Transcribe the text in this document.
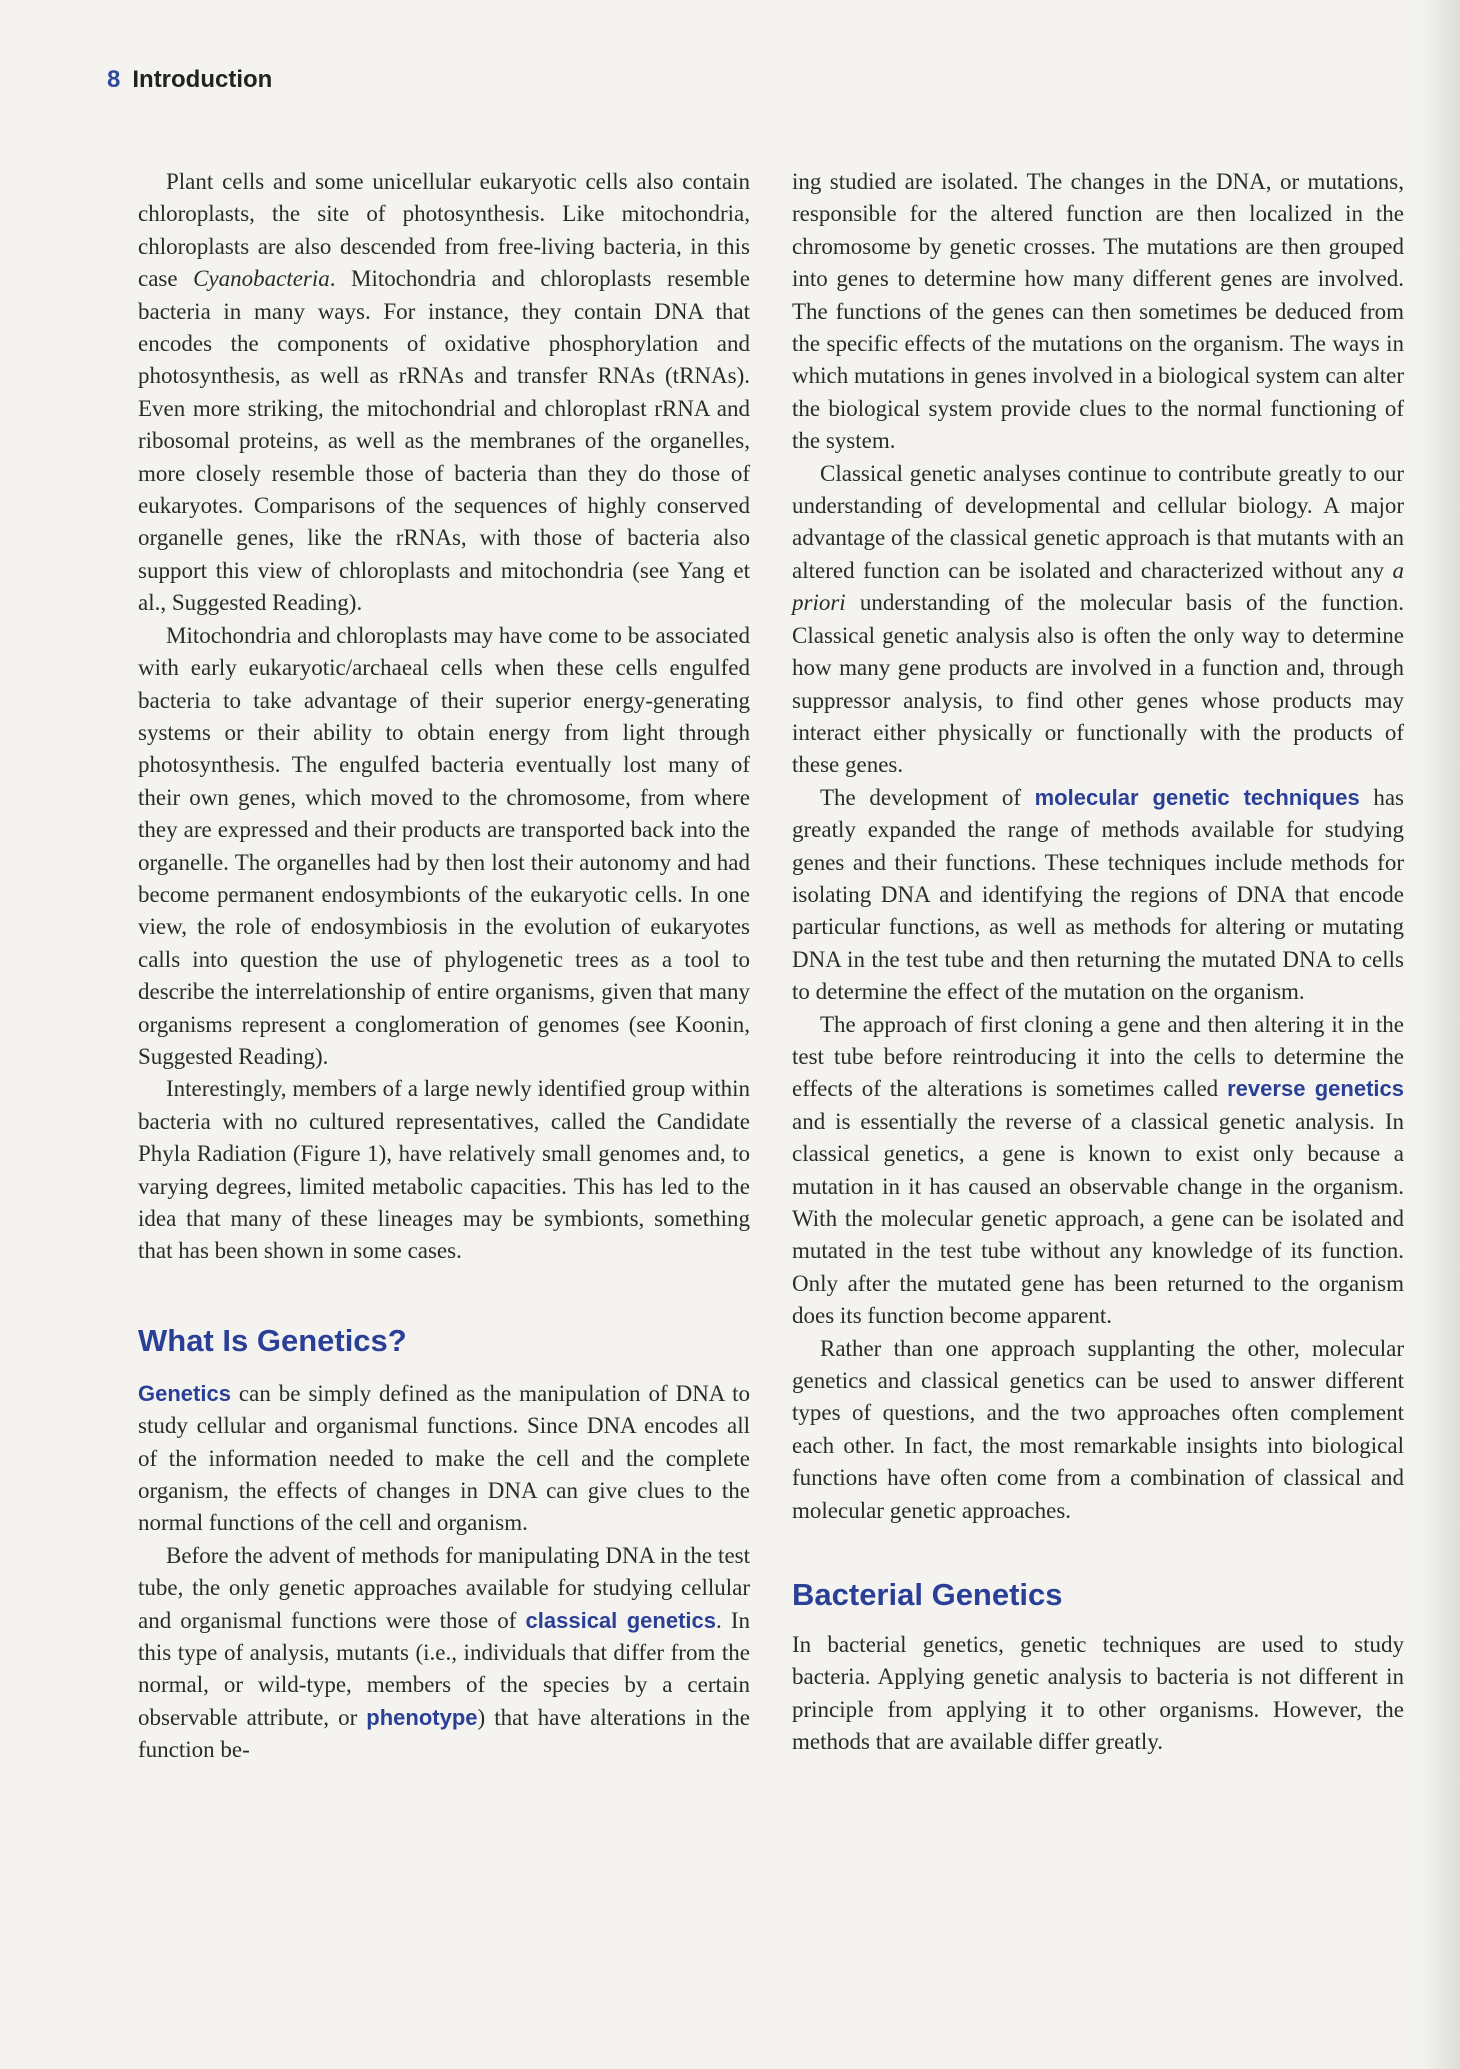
8 Introduction

Plant cells and some unicellular eukaryotic cells also contain chloroplasts, the site of photosynthesis. Like mitochondria, chloroplasts are also descended from free-living bacteria, in this case Cyanobacteria. Mitochondria and chloroplasts resemble bacteria in many ways. For instance, they contain DNA that encodes the components of oxidative phosphorylation and photosynthesis, as well as rRNAs and transfer RNAs (tRNAs). Even more striking, the mitochondrial and chloroplast rRNA and ribosomal proteins, as well as the membranes of the organelles, more closely resemble those of bacteria than they do those of eukaryotes. Comparisons of the sequences of highly conserved organelle genes, like the rRNAs, with those of bacteria also support this view of chloroplasts and mitochondria (see Yang et al., Suggested Reading).

Mitochondria and chloroplasts may have come to be associated with early eukaryotic/archaeal cells when these cells engulfed bacteria to take advantage of their superior energy-generating systems or their ability to obtain energy from light through photosynthesis. The engulfed bacteria eventually lost many of their own genes, which moved to the chromosome, from where they are expressed and their products are transported back into the organelle. The organelles had by then lost their autonomy and had become permanent endosymbionts of the eukaryotic cells. In one view, the role of endosymbiosis in the evolution of eukaryotes calls into question the use of phylogenetic trees as a tool to describe the interrelationship of entire organisms, given that many organisms represent a conglomeration of genomes (see Koonin, Suggested Reading).

Interestingly, members of a large newly identified group within bacteria with no cultured representatives, called the Candidate Phyla Radiation (Figure 1), have relatively small genomes and, to varying degrees, limited metabolic capacities. This has led to the idea that many of these lineages may be symbionts, something that has been shown in some cases.

What Is Genetics?

Genetics can be simply defined as the manipulation of DNA to study cellular and organismal functions. Since DNA encodes all of the information needed to make the cell and the complete organism, the effects of changes in DNA can give clues to the normal functions of the cell and organism.

Before the advent of methods for manipulating DNA in the test tube, the only genetic approaches available for studying cellular and organismal functions were those of classical genetics. In this type of analysis, mutants (i.e., individuals that differ from the normal, or wild-type, members of the species by a certain observable attribute, or phenotype) that have alterations in the function be-

ing studied are isolated. The changes in the DNA, or mutations, responsible for the altered function are then localized in the chromosome by genetic crosses. The mutations are then grouped into genes to determine how many different genes are involved. The functions of the genes can then sometimes be deduced from the specific effects of the mutations on the organism. The ways in which mutations in genes involved in a biological system can alter the biological system provide clues to the normal functioning of the system.

Classical genetic analyses continue to contribute greatly to our understanding of developmental and cellular biology. A major advantage of the classical genetic approach is that mutants with an altered function can be isolated and characterized without any a priori understanding of the molecular basis of the function. Classical genetic analysis also is often the only way to determine how many gene products are involved in a function and, through suppressor analysis, to find other genes whose products may interact either physically or functionally with the products of these genes.

The development of molecular genetic techniques has greatly expanded the range of methods available for studying genes and their functions. These techniques include methods for isolating DNA and identifying the regions of DNA that encode particular functions, as well as methods for altering or mutating DNA in the test tube and then returning the mutated DNA to cells to determine the effect of the mutation on the organism.

The approach of first cloning a gene and then altering it in the test tube before reintroducing it into the cells to determine the effects of the alterations is sometimes called reverse genetics and is essentially the reverse of a classical genetic analysis. In classical genetics, a gene is known to exist only because a mutation in it has caused an observable change in the organism. With the molecular genetic approach, a gene can be isolated and mutated in the test tube without any knowledge of its function. Only after the mutated gene has been returned to the organism does its function become apparent.

Rather than one approach supplanting the other, molecular genetics and classical genetics can be used to answer different types of questions, and the two approaches often complement each other. In fact, the most remarkable insights into biological functions have often come from a combination of classical and molecular genetic approaches.

Bacterial Genetics

In bacterial genetics, genetic techniques are used to study bacteria. Applying genetic analysis to bacteria is not different in principle from applying it to other organisms. However, the methods that are available differ greatly.
